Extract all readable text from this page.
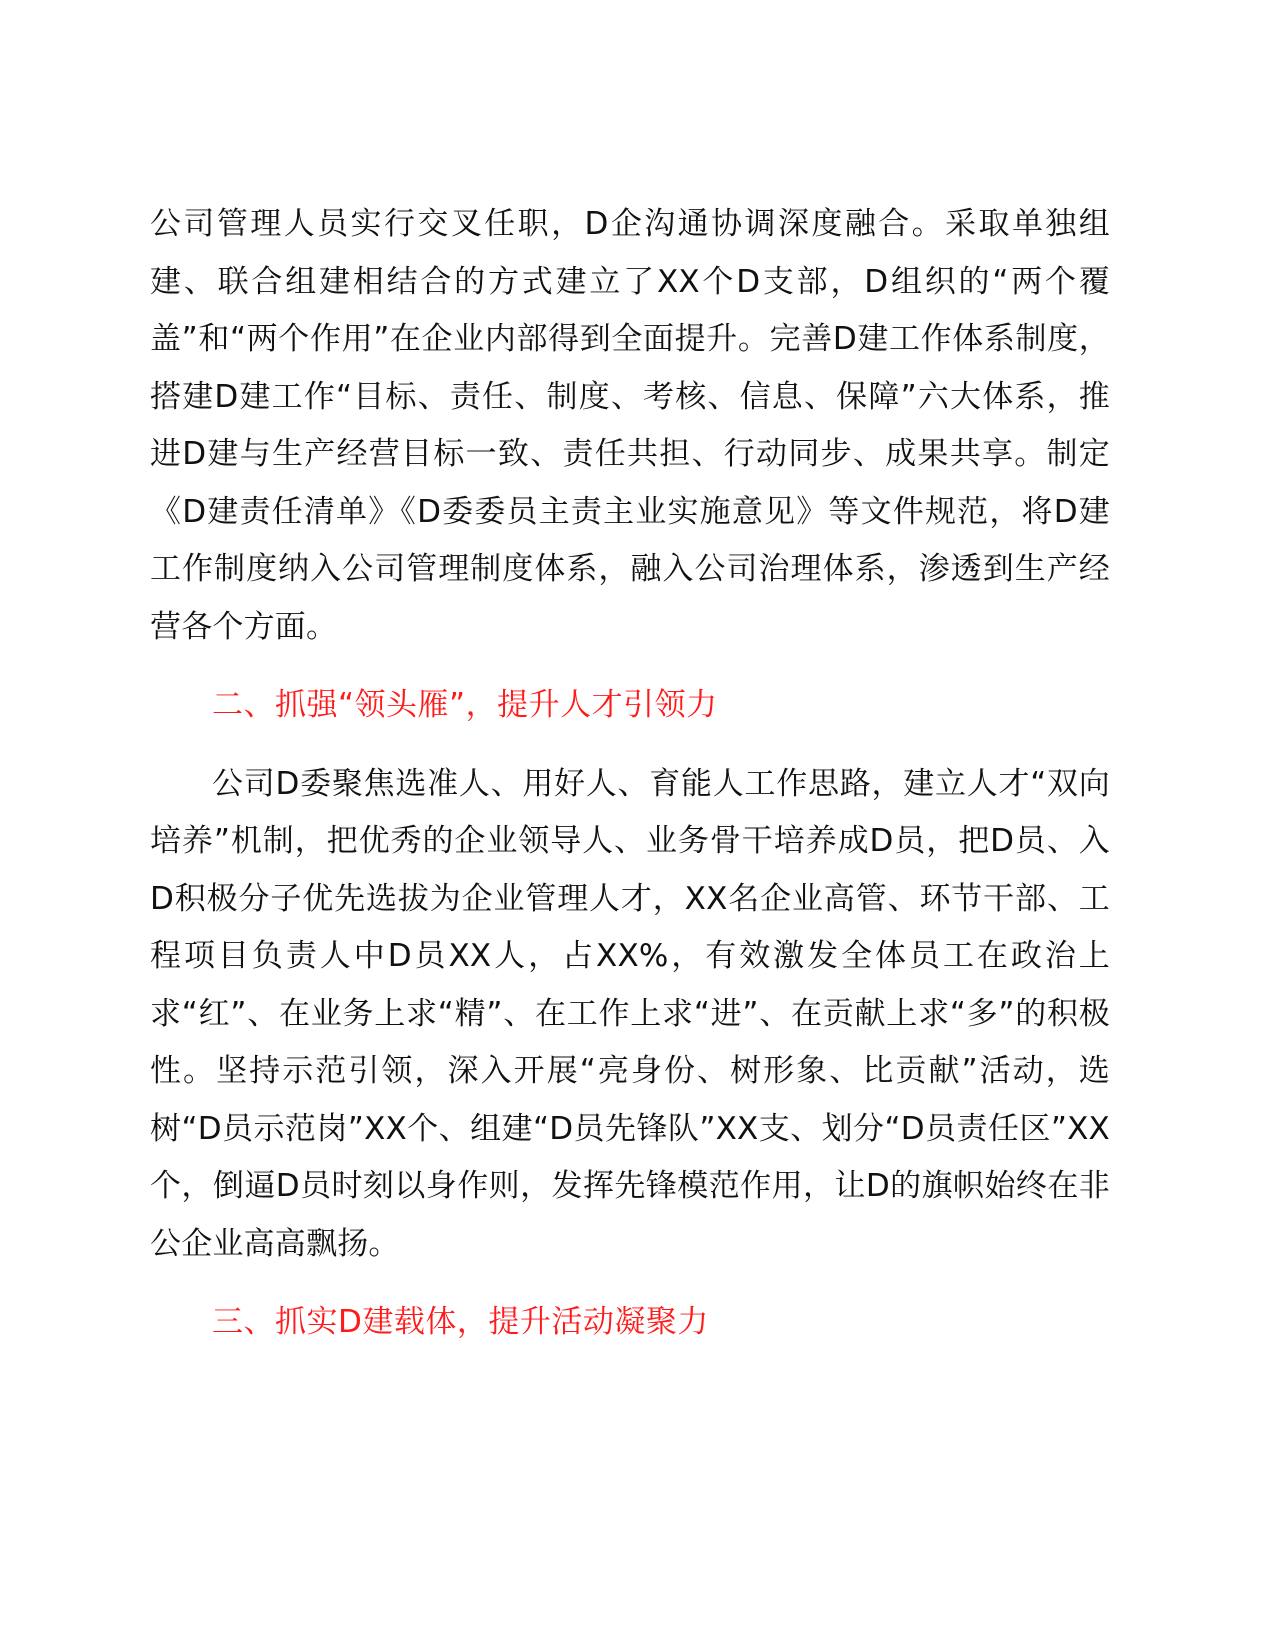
公司管理人员实行交叉任职，D企沟通协调深度融合。采取单独组建、联合组建相结合的方式建立了XX个D支部，D组织的“两个覆盖”和“两个作用”在企业内部得到全面提升。完善D建工作体系制度，搭建D建工作“目标、责任、制度、考核、信息、保障”六大体系，推进D建与生产经营目标一致、责任共担、行动同步、成果共享。制定《D建责任清单》《D委委员主责主业实施意见》等文件规范，将D建工作制度纳入公司管理制度体系，融入公司治理体系，渗透到生产经营各个方面。

二、抓强“领头雁”，提升人才引领力

公司D委聚焦选准人、用好人、育能人工作思路，建立人才“双向培养”机制，把优秀的企业领导人、业务骨干培养成D员，把D员、入D积极分子优先选拔为企业管理人才，XX名企业高管、环节干部、工程项目负责人中D员XX人，占XX%，有效激发全体员工在政治上求“红”、在业务上求“精”、在工作上求“进”、在贡献上求“多”的积极性。坚持示范引领，深入开展“亮身份、树形象、比贡献”活动，选树“D员示范岗”XX个、组建“D员先锋队”XX支、划分“D员责任区”XX个，倒逼D员时刻以身作则，发挥先锋模范作用，让D的旗帜始终在非公企业高高飘扬。

三、抓实D建载体，提升活动凝聚力
